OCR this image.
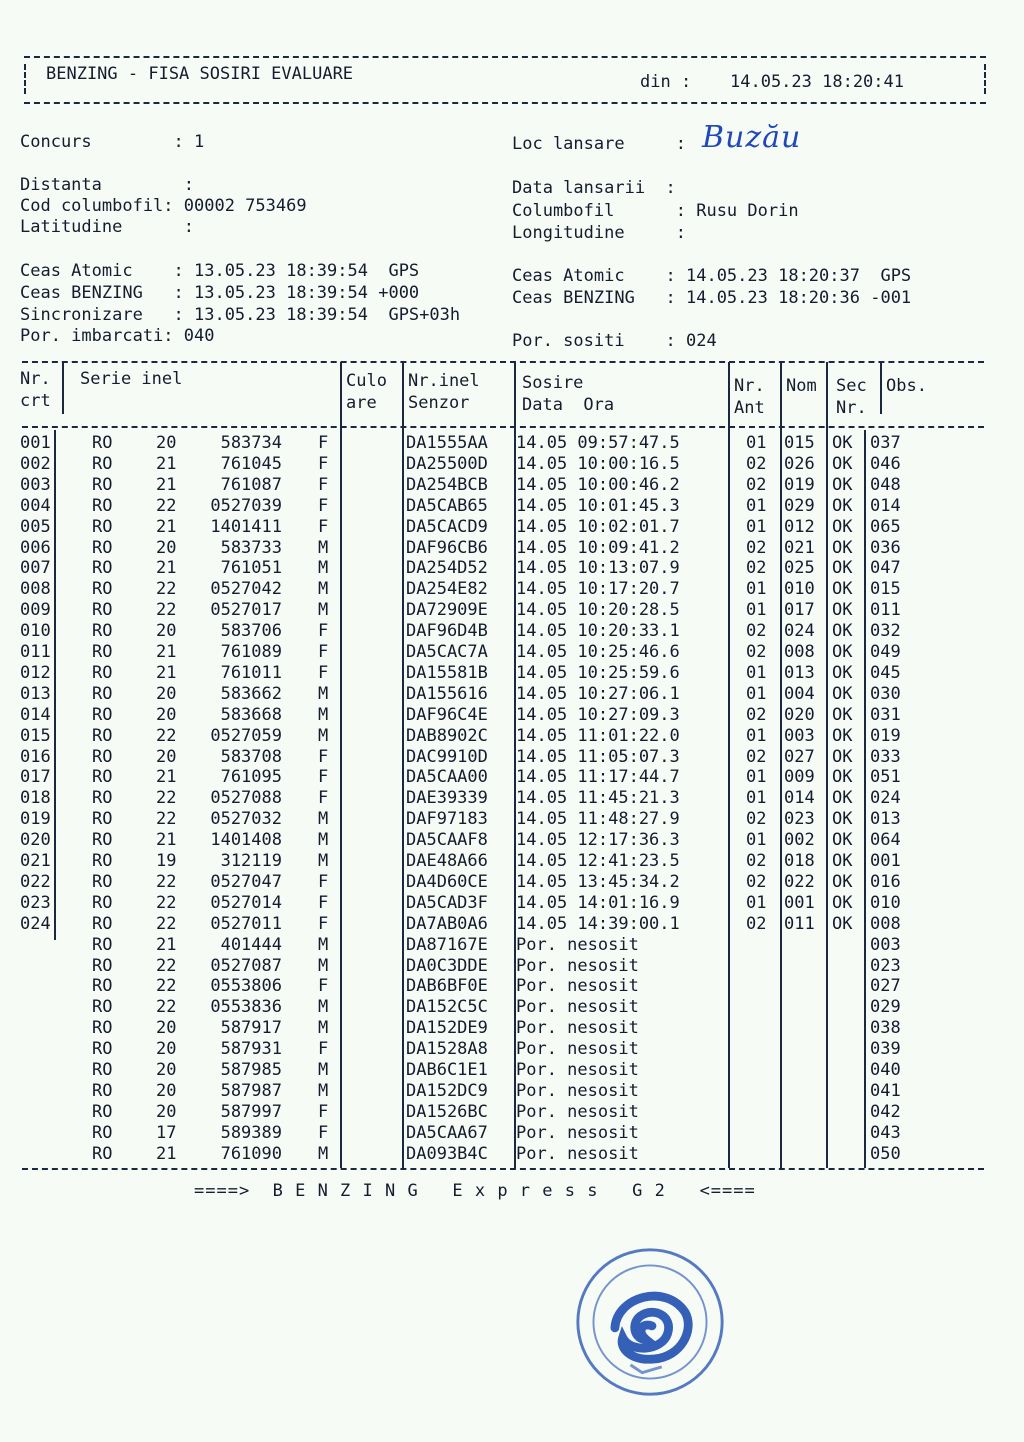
BENZING - FISA SOSIRI EVALUARE	din : 14.05.23 18:20:41
Concurs        : 1	Loc lansare     : Buzău
Distanta        :
Cod columbofil: 00002 753469
Latitudine      :
Data lansarii  :
Columbofil      : Rusu Dorin
Longitudine     :
Ceas Atomic    : 13.05.23 18:39:54  GPS
Ceas BENZING   : 13.05.23 18:39:54 +000
Sincronizare   : 13.05.23 18:39:54  GPS+03h
Por. imbarcati: 040
Ceas Atomic    : 14.05.23 18:20:37  GPS
Ceas BENZING   : 14.05.23 18:20:36 -001
Por. sositi    : 024
Nr.
crt
Serie inel	Culo
are
Nr.inel
Senzor
Sosire
Data  Ora
Nr.
Ant
Nom Sec
Nr.
Obs.
001 RO	20	583734 F	DA1555AA	14.05 09:57:47.5	01	015	OK	037
002 RO	21	761045 F	DA25500D	14.05 10:00:16.5	02	026	OK	046
003 RO	21	761087 F	DA254BCB	14.05 10:00:46.2	02	019	OK	048
004 RO	22	0527039 F	DA5CAB65	14.05 10:01:45.3	01	029	OK	014
005 RO	21	1401411 F	DA5CACD9	14.05 10:02:01.7	01	012	OK	065
006 RO	20	583733 M	DAF96CB6	14.05 10:09:41.2	02	021	OK	036
007 RO	21	761051 M	DA254D52	14.05 10:13:07.9	02	025	OK	047
008 RO	22	0527042 M	DA254E82	14.05 10:17:20.7	01	010	OK	015
009 RO	22	0527017 M	DA72909E	14.05 10:20:28.5	01	017	OK	011
010 RO	20	583706 F	DAF96D4B	14.05 10:20:33.1	02	024	OK	032
011 RO	21	761089 F	DA5CAC7A	14.05 10:25:46.6	02	008	OK	049
012 RO	21	761011 F	DA15581B	14.05 10:25:59.6	01	013	OK	045
013 RO	20	583662 M	DA155616	14.05 10:27:06.1	01	004	OK	030
014 RO	20	583668 M	DAF96C4E	14.05 10:27:09.3	02	020	OK	031
015 RO	22	0527059 M	DAB8902C	14.05 11:01:22.0	01	003	OK	019
016 RO	20	583708 F	DAC9910D	14.05 11:05:07.3	02	027	OK	033
017 RO	21	761095 F	DA5CAA00	14.05 11:17:44.7	01	009	OK	051
018 RO	22	0527088 F	DAE39339	14.05 11:45:21.3	01	014	OK	024
019 RO	22	0527032 M	DAF97183	14.05 11:48:27.9	02	023	OK	013
020 RO	21	1401408 M	DA5CAAF8	14.05 12:17:36.3	01	002	OK	064
021 RO	19	312119 M	DAE48A66	14.05 12:41:23.5	02	018	OK	001
022 RO	22	0527047 F	DA4D60CE	14.05 13:45:34.2	02	022	OK	016
023 RO	22	0527014 F	DA5CAD3F	14.05 14:01:16.9	01	001	OK	010
024 RO	22	0527011 F	DA7AB0A6	14.05 14:39:00.1	02	011	OK	008
RO	21	401444 M	DA87167E	Por. nesosit	003
RO	22	0527087 M	DA0C3DDE	Por. nesosit	023
RO	22	0553806 F	DAB6BF0E	Por. nesosit	027
RO	22	0553836 M	DA152C5C	Por. nesosit	029
RO	20	587917 M	DA152DE9	Por. nesosit	038
RO	20	587931 F	DA1528A8	Por. nesosit	039
RO	20	587985 M	DAB6C1E1	Por. nesosit	040
RO	20	587987 M	DA152DC9	Por. nesosit	041
RO	20	587997 F	DA1526BC	Por. nesosit	042
RO	17	589389 F	DA5CAA67	Por. nesosit	043
RO	21	761090 M	DA093B4C	Por. nesosit	050
====>  B E N Z I N G   E x p r e s s   G 2   <====
